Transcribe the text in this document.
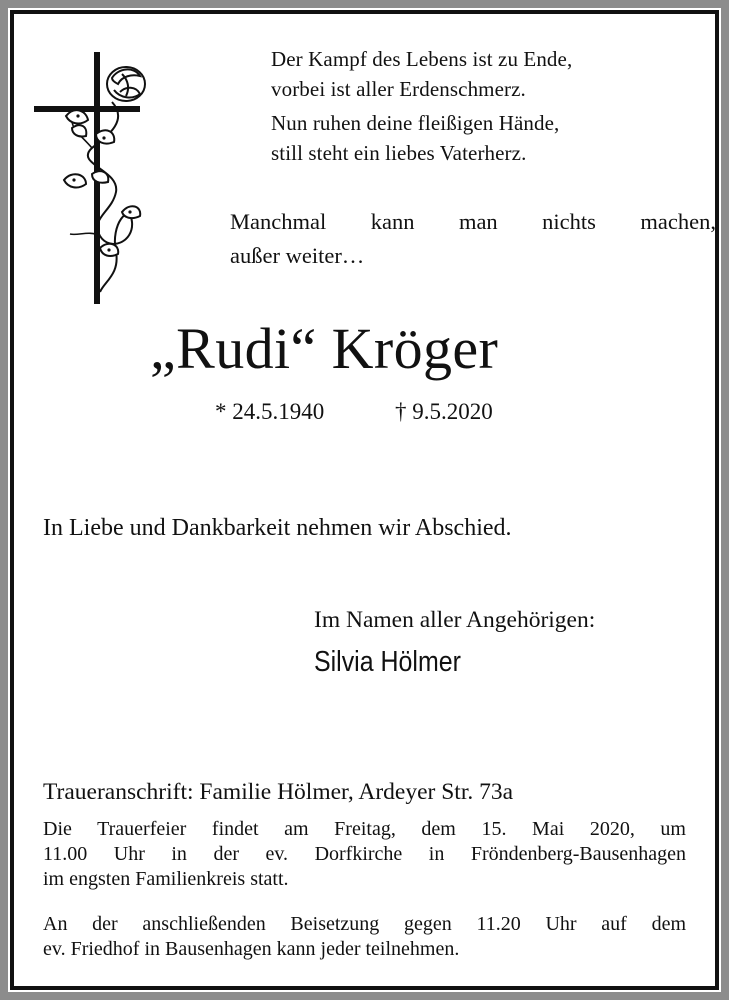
Der Kampf des Lebens ist zu Ende,
vorbei ist aller Erdenschmerz.
Nun ruhen deine fleißigen Hände,
still steht ein liebes Vaterherz.
Manchmal kann man nichts machen,
außer weiter…
„Rudi“ Kröger
* 24.5.1940	† 9.5.2020
In Liebe und Dankbarkeit nehmen wir Abschied.
Im Namen aller Angehörigen:
Silvia Hölmer
Traueranschrift: Familie Hölmer, Ardeyer Str. 73a
Die Trauerfeier findet am Freitag, dem 15. Mai 2020, um
11.00 Uhr in der ev. Dorfkirche in Fröndenberg-Bausenhagen
im engsten Familienkreis statt.
An der anschließenden Beisetzung gegen 11.20 Uhr auf dem
ev. Friedhof in Bausenhagen kann jeder teilnehmen.
